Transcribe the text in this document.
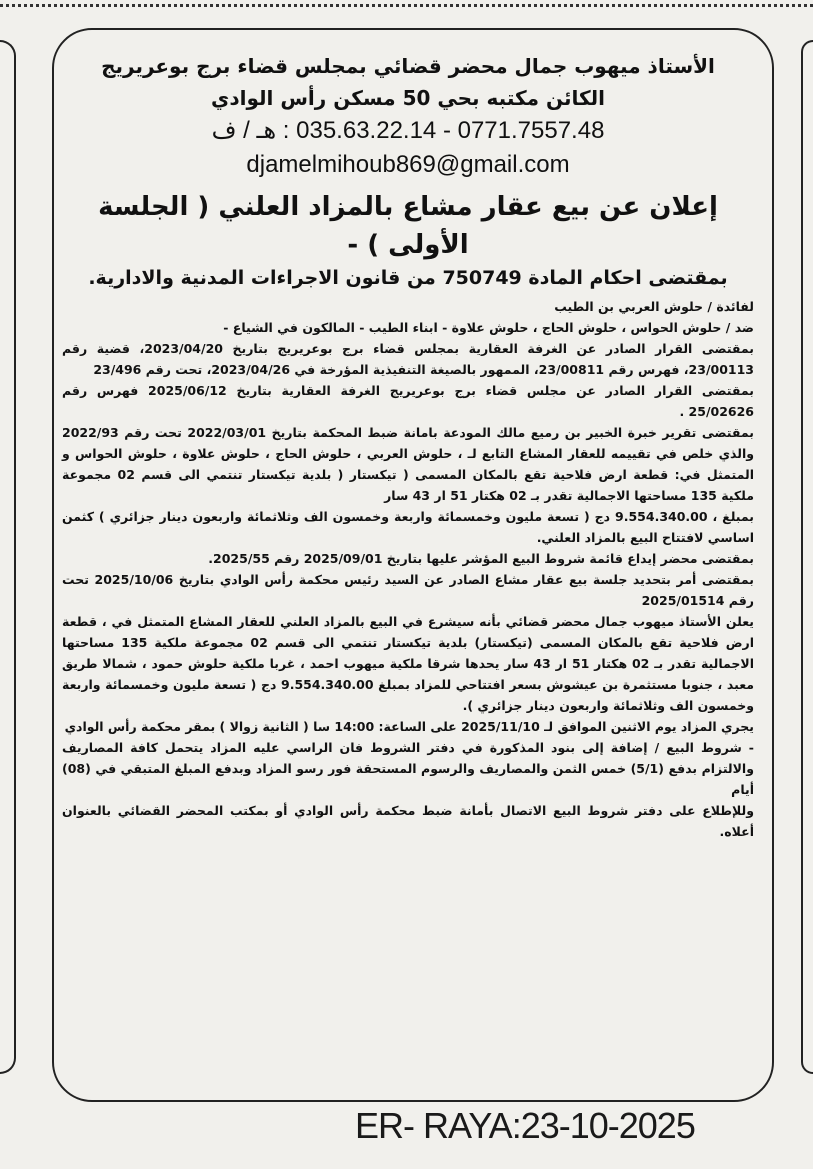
الأستاذ ميهوب جمال محضر قضائي بمجلس قضاء برج بوعريريج
الكائن مكتبه بحي 50 مسكن رأس الوادي
0771.7557.48 - 035.63.22.14 : هـ / ف
djamelmihoub869@gmail.com
إعلان عن بيع عقار مشاع بالمزاد العلني ( الجلسة الأولى ) -
بمقتضى احكام المادة 750749 من قانون الاجراءات المدنية والادارية.
لفائدة / حلوش العربي بن الطيب
ضد / حلوش الحواس ، حلوش الحاج ، حلوش علاوة - ابناء الطيب - المالكون في الشياع -
بمقتضى القرار الصادر عن الغرفة العقارية بمجلس قضاء برج بوعريريج بتاريخ 2023/04/20، قضية رقم 23/00113، فهرس رقم 23/00811، الممهور بالصيغة التنفيذية المؤرخة في 2023/04/26، تحت رقم 23/496
بمقتضى القرار الصادر عن مجلس قضاء برج بوعريريج الغرفة العقارية بتاريخ 2025/06/12 فهرس رقم 25/02626 .
بمقتضى تقرير خبرة الخبير بن رميع مالك المودعة بامانة ضبط المحكمة بتاريخ 2022/03/01 تحت رقم 2022/93 والذي خلص في تقييمه للعقار المشاع التابع لـ ، حلوش العربي ، حلوش الحاج ، حلوش علاوة ، حلوش الحواس و المتمثل في: قطعة ارض فلاحية تقع بالمكان المسمى ( تيكستار ( بلدية تيكستار تنتمي الى قسم 02 مجموعة ملكية 135 مساحتها الاجمالية تقدر بـ 02 هكتار 51 ار 43 سار
بمبلغ ، 9.554.340.00 دج ( تسعة مليون وخمسمائة واربعة وخمسون الف وثلاثمائة واربعون دينار جزائري ) كثمن اساسي لافتتاح البيع بالمزاد العلني.
بمقتضى محضر إيداع قائمة شروط البيع المؤشر عليها بتاريخ 2025/09/01 رقم 2025/55.
بمقتضى أمر بتحديد جلسة بيع عقار مشاع الصادر عن السيد رئيس محكمة رأس الوادي بتاريخ 2025/10/06 تحت رقم 2025/01514
يعلن الأستاذ ميهوب جمال محضر قضائي بأنه سيشرع في البيع بالمزاد العلني للعقار المشاع المتمثل في ، قطعة ارض فلاحية تقع بالمكان المسمى (تيكستار) بلدية تيكستار تنتمي الى قسم 02 مجموعة ملكية 135 مساحتها الاجمالية تقدر بـ 02 هكتار 51 ار 43 سار يحدها شرقا ملكية ميهوب احمد ، غربا ملكية حلوش حمود ، شمالا طريق معبد ، جنوبا مستثمرة بن عيشوش بسعر افتتاحي للمزاد بمبلغ 9.554.340.00 دج ( تسعة مليون وخمسمائة واربعة وخمسون الف وثلاثمائة واربعون دينار جزائري ).
يجري المزاد يوم الاثنين الموافق لـ 2025/11/10 على الساعة: 14:00 سا ( الثانية زوالا ) بمقر محكمة رأس الوادي
- شروط البيع / إضافة إلى بنود المذكورة في دفتر الشروط فان الراسي عليه المزاد يتحمل كافة المصاريف والالتزام بدفع (5/1) خمس الثمن والمصاريف والرسوم المستحقة فور رسو المزاد وبدفع المبلغ المتبقي في (08) أيام
وللإطلاع على دفتر شروط البيع الاتصال بأمانة ضبط محكمة رأس الوادي أو بمكتب المحضر القضائي بالعنوان أعلاه.
ER- RAYA:23-10-2025
